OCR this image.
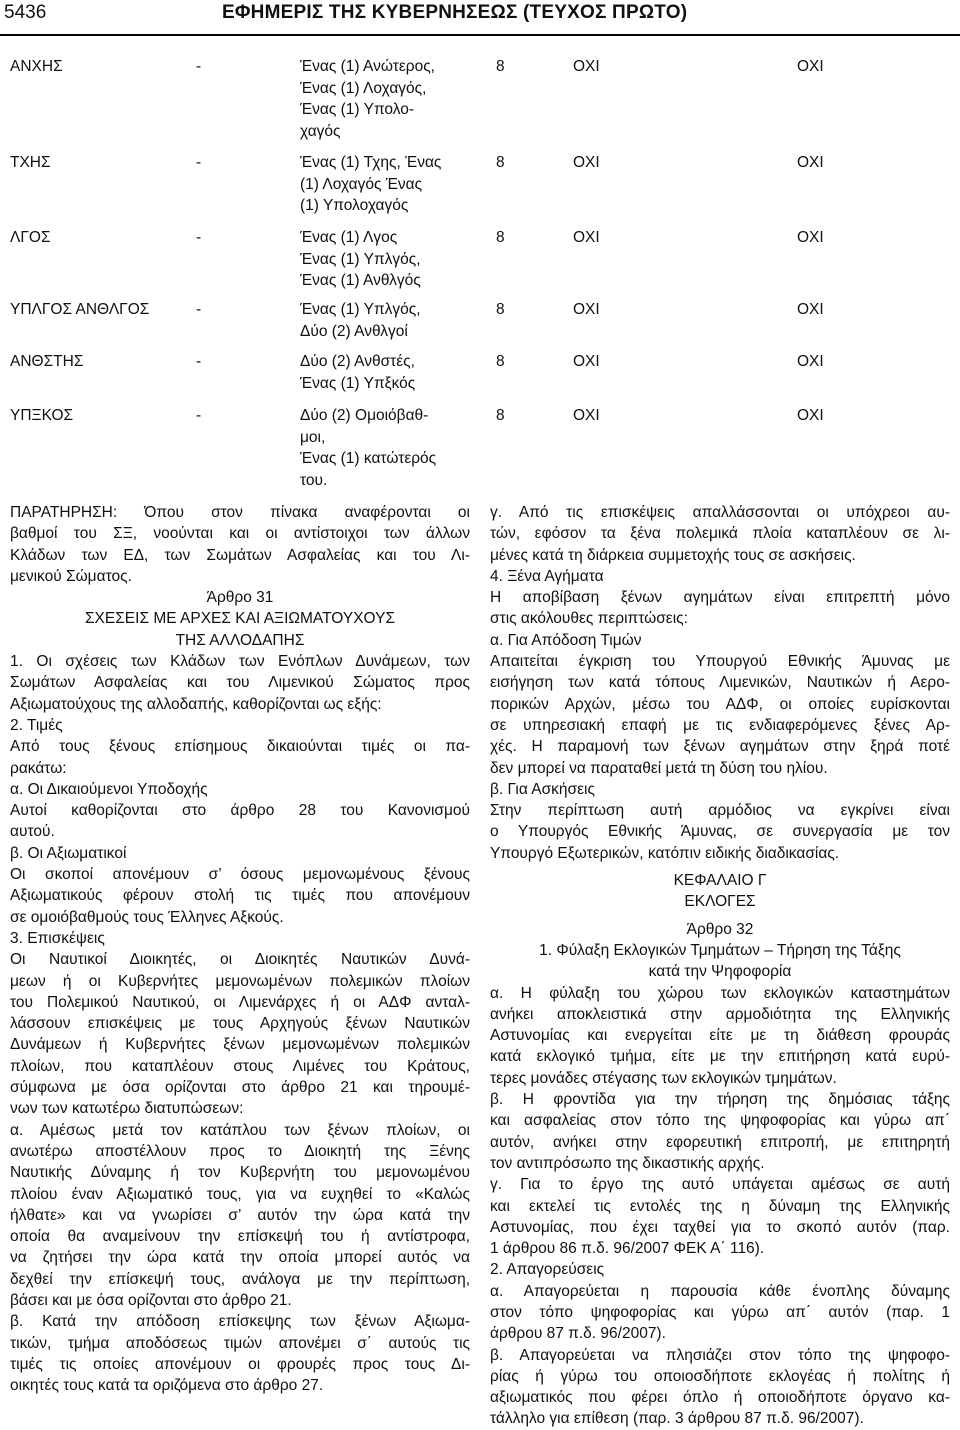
5436	ΕΦΗΜΕΡΙΣ ΤΗΣ ΚΥΒΕΡΝΗΣΕΩΣ (ΤΕΥΧΟΣ ΠΡΩΤΟ)
ΑΝΧΗΣ	-	Ένας (1) Ανώτερος,
Ένας (1) Λοχαγός,
Ένας (1) Υπολο-
χαγός
8	ΟΧΙ	ΟΧΙ
ΤΧΗΣ	-	Ένας (1) Τχης, Ένας
(1) Λοχαγός Ένας
(1) Υπολοχαγός
8	ΟΧΙ	ΟΧΙ
ΛΓΟΣ	-	Ένας (1) Λγος
Ένας (1) Υπλγός,
Ένας (1) Ανθλγός
8	ΟΧΙ	ΟΧΙ
ΥΠΛΓΟΣ ΑΝΘΛΓΟΣ	-	Ένας (1) Υπλγός,
Δύο (2) Ανθλγοί
8	ΟΧΙ	ΟΧΙ
ΑΝΘΣΤΗΣ	-	Δύο (2) Ανθστές,
Ένας (1) Υπξκός
8	ΟΧΙ	ΟΧΙ
ΥΠΞΚΟΣ	-	Δύο (2) Ομοιόβαθ-
μοι,
Ένας (1) κατώτερός
του.
8	ΟΧΙ	ΟΧΙ

ΠΑΡΑΤΗΡΗΣΗ: Όπου στον πίνακα αναφέρονται οι

βαθμοί του ΣΞ, νοούνται και οι αντίστοιχοι των άλλων

Κλάδων των ΕΔ, των Σωμάτων Ασφαλείας και του Λι-

μενικού Σώματος.

Άρθρο 31

ΣΧΕΣΕΙΣ ΜΕ ΑΡΧΕΣ ΚΑΙ ΑΞΙΩΜΑΤΟΥΧΟΥΣ

ΤΗΣ ΑΛΛΟΔΑΠΗΣ

1. Οι σχέσεις των Κλάδων των Ενόπλων Δυνάμεων, των

Σωμάτων Ασφαλείας και του Λιμενικού Σώματος προς

Αξιωματούχους της αλλοδαπής, καθορίζονται ως εξής:

2. Τιμές

Από τους ξένους επίσημους δικαιούνται τιμές οι πα-

ρακάτω:

α. Οι Δικαιούμενοι Υποδοχής

Αυτοί καθορίζονται στο άρθρο 28 του Κανονισμού

αυτού.

β. Οι Αξιωματικοί

Οι σκοποί απονέμουν σ’ όσους μεμονωμένους ξένους

Αξιωματικούς φέρουν στολή τις τιμές που απονέμουν

σε ομοιόβαθμούς τους Έλληνες Αξκούς.

3. Επισκέψεις

Οι Ναυτικοί Διοικητές, οι Διοικητές Ναυτικών Δυνά-

μεων ή οι Κυβερνήτες μεμονωμένων πολεμικών πλοίων

του Πολεμικού Ναυτικού, οι Λιμενάρχες ή οι ΑΔΦ ανταλ-

λάσσουν επισκέψεις με τους Αρχηγούς ξένων Ναυτικών

Δυνάμεων ή Κυβερνήτες ξένων μεμονωμένων πολεμικών

πλοίων, που καταπλέουν στους Λιμένες του Κράτους,

σύμφωνα με όσα ορίζονται στο άρθρο 21 και τηρουμέ-

νων των κατωτέρω διατυπώσεων:

α. Αμέσως μετά τον κατάπλου των ξένων πλοίων, οι

ανωτέρω αποστέλλουν προς το Διοικητή της Ξένης

Ναυτικής Δύναμης ή τον Κυβερνήτη του μεμονωμένου

πλοίου έναν Αξιωματικό τους, για να ευχηθεί το «Καλώς

ήλθατε» και να γνωρίσει σ’ αυτόν την ώρα κατά την

οποία θα αναμείνουν την επίσκεψή του ή αντίστροφα,

να ζητήσει την ώρα κατά την οποία μπορεί αυτός να

δεχθεί την επίσκεψή τους, ανάλογα με την περίπτωση,

βάσει και με όσα ορίζονται στο άρθρο 21.

β. Κατά την απόδοση επίσκεψης των ξένων Αξιωμα-

τικών, τμήμα αποδόσεως τιμών απονέμει σ΄ αυτούς τις

τιμές τις οποίες απονέμουν οι φρουρές προς τους Δι-

οικητές τους κατά τα οριζόμενα στο άρθρο 27.

γ. Από τις επισκέψεις απαλλάσσονται οι υπόχρεοι αυ-

τών, εφόσον τα ξένα πολεμικά πλοία καταπλέουν σε λι-

μένες κατά τη διάρκεια συμμετοχής τους σε ασκήσεις.

4. Ξένα Αγήματα

Η αποβίβαση ξένων αγημάτων είναι επιτρεπτή μόνο

στις ακόλουθες περιπτώσεις:

α. Για Απόδοση Τιμών

Απαιτείται έγκριση του Υπουργού Εθνικής Άμυνας με

εισήγηση των κατά τόπους Λιμενικών, Ναυτικών ή Αερο-

πορικών Αρχών, μέσω του ΑΔΦ, οι οποίες ευρίσκονται

σε υπηρεσιακή επαφή με τις ενδιαφερόμενες ξένες Αρ-

χές. Η παραμονή των ξένων αγημάτων στην ξηρά ποτέ

δεν μπορεί να παραταθεί μετά τη δύση του ηλίου.

β. Για Ασκήσεις

Στην περίπτωση αυτή αρμόδιος να εγκρίνει είναι

ο Υπουργός Εθνικής Άμυνας, σε συνεργασία με τον

Υπουργό Εξωτερικών, κατόπιν ειδικής διαδικασίας.

ΚΕΦΑΛΑΙΟ Γ

ΕΚΛΟΓΕΣ

Άρθρο 32

1. Φύλαξη Εκλογικών Τμημάτων – Τήρηση της Τάξης

κατά την Ψηφοφορία

α. Η φύλαξη του χώρου των εκλογικών καταστημάτων

ανήκει αποκλειστικά στην αρμοδιότητα της Ελληνικής

Αστυνομίας και ενεργείται είτε με τη διάθεση φρουράς

κατά εκλογικό τμήμα, είτε με την επιτήρηση κατά ευρύ-

τερες μονάδες στέγασης των εκλογικών τμημάτων.

β. Η φροντίδα για την τήρηση της δημόσιας τάξης

και ασφαλείας στον τόπο της ψηφοφορίας και γύρω απ΄

αυτόν, ανήκει στην εφορευτική επιτροπή, με επιτηρητή

τον αντιπρόσωπο της δικαστικής αρχής.

γ. Για το έργο της αυτό υπάγεται αμέσως σε αυτή

και εκτελεί τις εντολές της η δύναμη της Ελληνικής

Αστυνομίας, που έχει ταχθεί για το σκοπό αυτόν (παρ.

1 άρθρου 86 π.δ. 96/2007 ΦΕΚ Α΄ 116).

2. Απαγορεύσεις

α. Απαγορεύεται η παρουσία κάθε ένοπλης δύναμης

στον τόπο ψηφοφορίας και γύρω απ΄ αυτόν (παρ. 1

άρθρου 87 π.δ. 96/2007).

β. Απαγορεύεται να πλησιάζει στον τόπο της ψηφοφο-

ρίας ή γύρω του οποιοσδήποτε εκλογέας ή πολίτης ή

αξιωματικός που φέρει όπλο ή οποιοδήποτε όργανο κα-

τάλληλο για επίθεση (παρ. 3 άρθρου 87 π.δ. 96/2007).
